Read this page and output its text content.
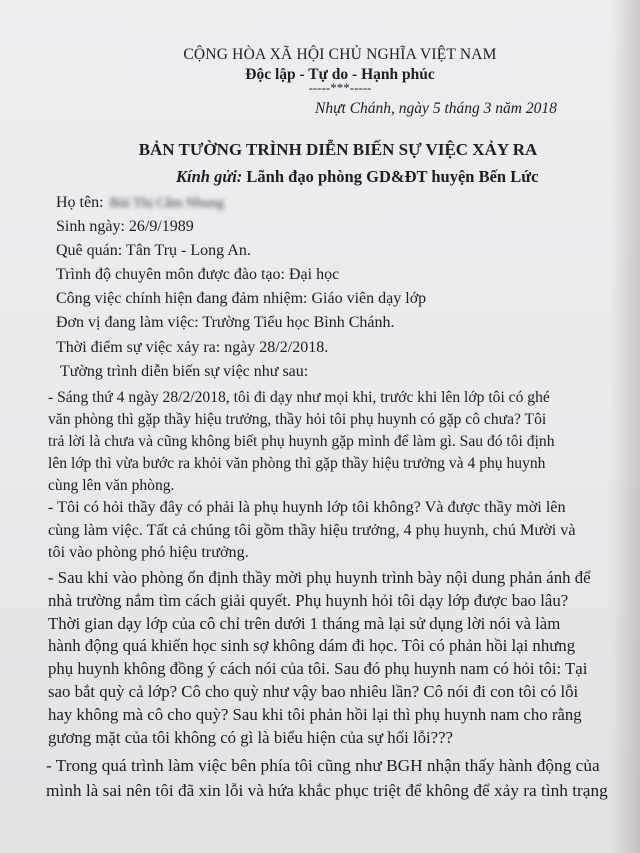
CỘNG HÒA XÃ HỘI CHỦ NGHĨA VIỆT NAM
Độc lập - Tự do - Hạnh phúc
-----***-----
Nhựt Chánh, ngày 5 tháng 3 năm 2018
BẢN TƯỜNG TRÌNH DIỄN BIẾN SỰ VIỆC XẢY RA
Kính gửi: Lãnh đạo phòng GD&ĐT huyện Bến Lức
Họ tên: Bùi Thị Cẩm Nhung
Sinh ngày: 26/9/1989
Quê quán: Tân Trụ - Long An.
Trình độ chuyên môn được đào tạo: Đại học
Công việc chính hiện đang đảm nhiệm: Giáo viên dạy lớp
Đơn vị đang làm việc: Trường Tiểu học Bình Chánh.
Thời điểm sự việc xảy ra: ngày 28/2/2018.
Tường trình diễn biến sự việc như sau:
- Sáng thứ 4 ngày 28/2/2018, tôi đi dạy như mọi khi, trước khi lên lớp tôi có ghé
văn phòng thì gặp thầy hiệu trưởng, thầy hỏi tôi phụ huynh có gặp cô chưa? Tôi
trả lời là chưa và cũng không biết phụ huynh gặp mình để làm gì. Sau đó tôi định
lên lớp thì vừa bước ra khỏi văn phòng thì gặp thầy hiệu trưởng và 4 phụ huynh
cùng lên văn phòng.
- Tôi có hỏi thầy đây có phải là phụ huynh lớp tôi không? Và được thầy mời lên
cùng làm việc. Tất cả chúng tôi gồm thầy hiệu trưởng, 4 phụ huynh, chú Mười và
tôi vào phòng phó hiệu trưởng.
- Sau khi vào phòng ổn định thầy mời phụ huynh trình bày nội dung phản ánh để
nhà trường nắm tìm cách giải quyết. Phụ huynh hỏi tôi dạy lớp được bao lâu?
Thời gian dạy lớp của cô chỉ trên dưới 1 tháng mà lại sử dụng lời nói và làm
hành động quá khiến học sinh sợ không dám đi học. Tôi có phản hồi lại nhưng
phụ huynh không đồng ý cách nói của tôi. Sau đó phụ huynh nam có hỏi tôi: Tại
sao bắt quỳ cả lớp? Cô cho quỳ như vậy bao nhiêu lần? Cô nói đi con tôi có lỗi
hay không mà cô cho quỳ? Sau khi tôi phản hồi lại thì phụ huynh nam cho rằng
gương mặt của tôi không có gì là biểu hiện của sự hối lỗi???
- Trong quá trình làm việc bên phía tôi cũng như BGH nhận thấy hành động của
mình là sai nên tôi đã xin lỗi và hứa khắc phục triệt để không để xảy ra tình trạng
